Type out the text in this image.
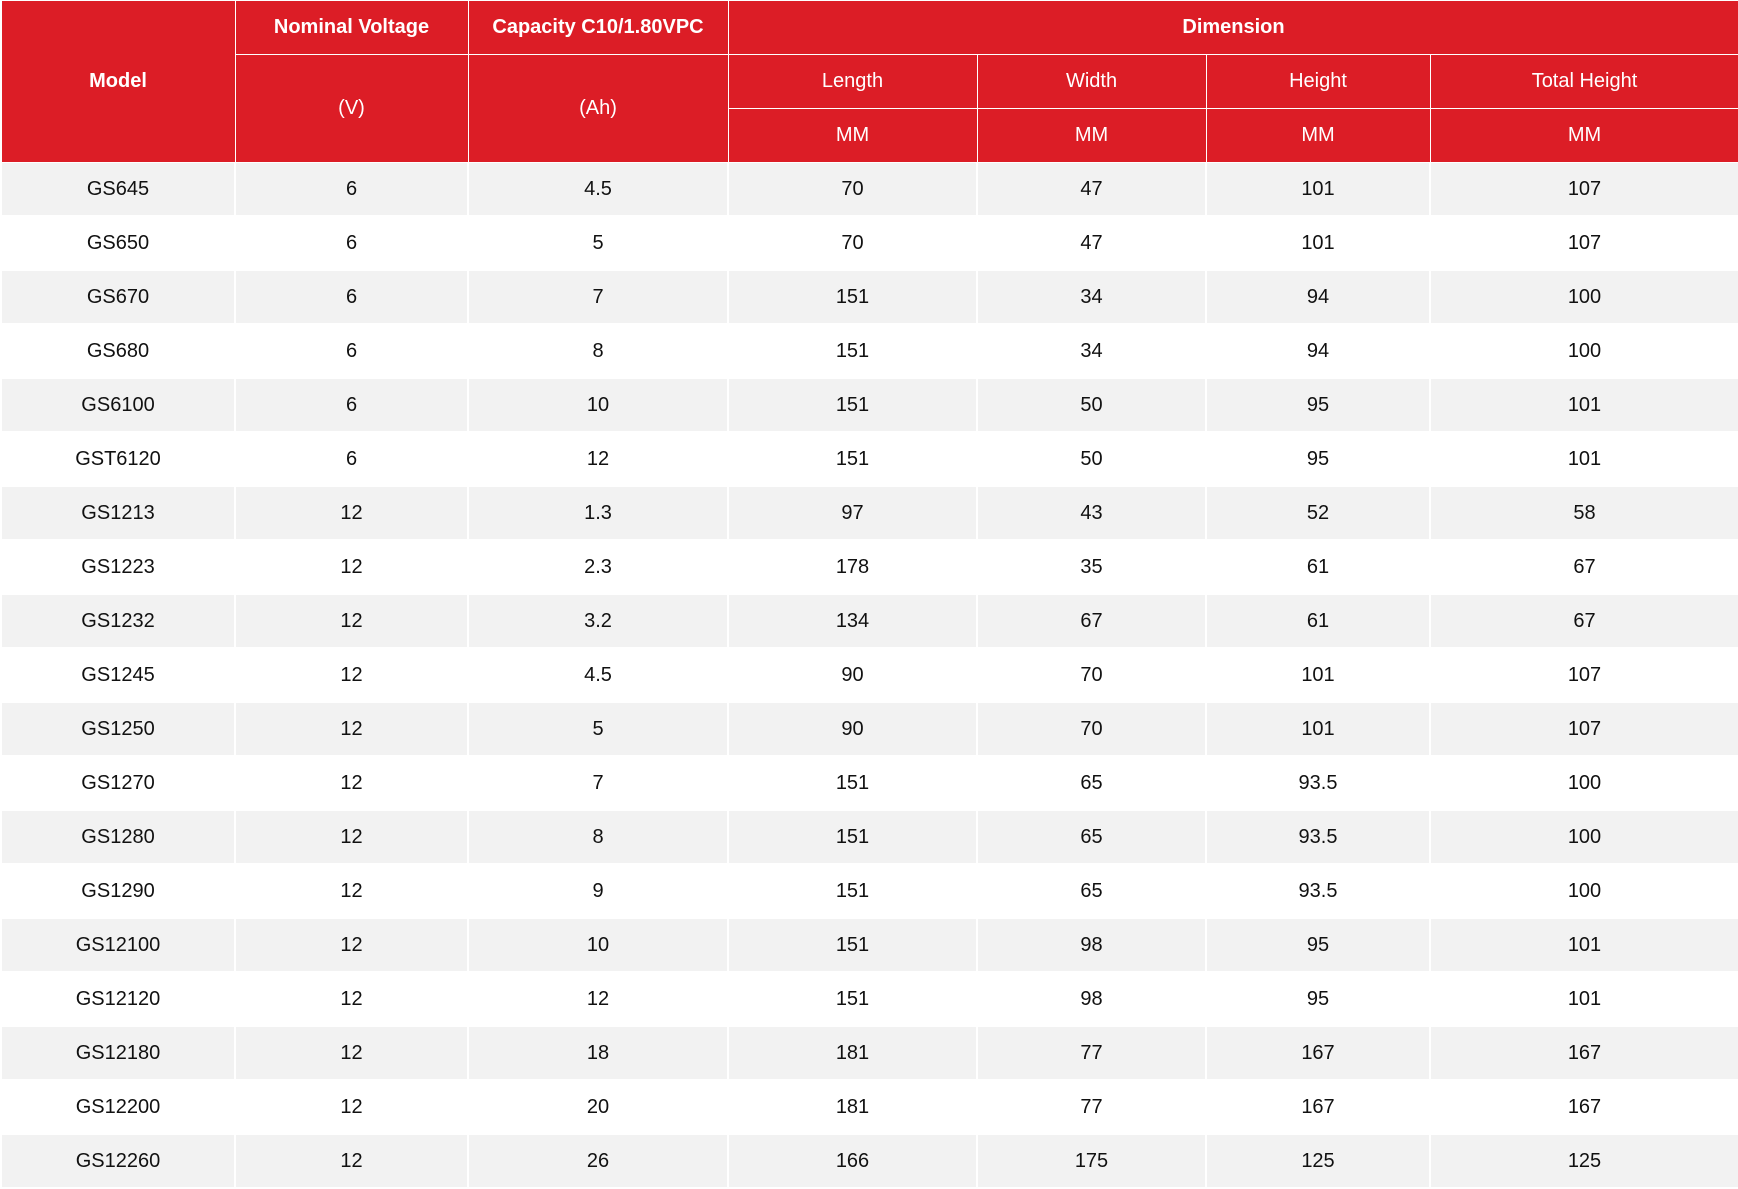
Model	Nominal Voltage	Capacity C10/1.80VPC	Dimension			
	(V)	(Ah)	Length	Width	Height	Total Height
			MM	MM	MM	MM
GS645	6	4.5	70	47	101	107
GS650	6	5	70	47	101	107
GS670	6	7	151	34	94	100
GS680	6	8	151	34	94	100
GS6100	6	10	151	50	95	101
GST6120	6	12	151	50	95	101
GS1213	12	1.3	97	43	52	58
GS1223	12	2.3	178	35	61	67
GS1232	12	3.2	134	67	61	67
GS1245	12	4.5	90	70	101	107
GS1250	12	5	90	70	101	107
GS1270	12	7	151	65	93.5	100
GS1280	12	8	151	65	93.5	100
GS1290	12	9	151	65	93.5	100
GS12100	12	10	151	98	95	101
GS12120	12	12	151	98	95	101
GS12180	12	18	181	77	167	167
GS12200	12	20	181	77	167	167
GS12260	12	26	166	175	125	125
